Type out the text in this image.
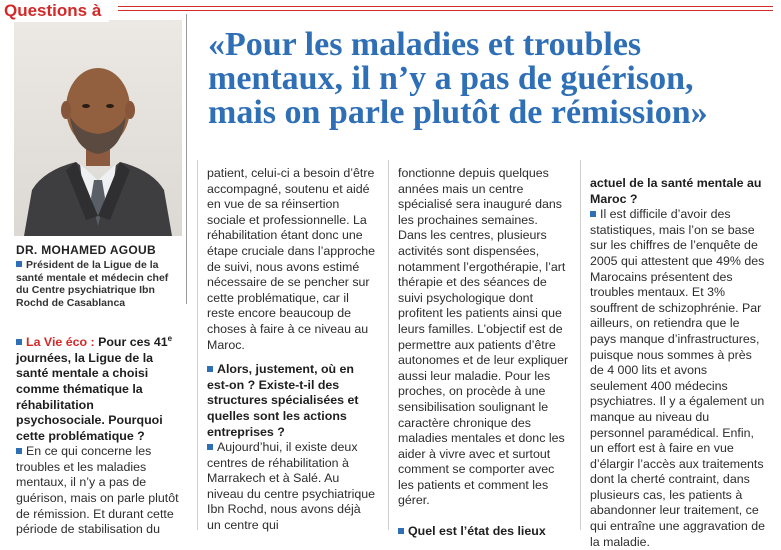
Questions à
«Pour les maladies et troubles mentaux, il n’y a pas de guérison, mais on parle plutôt de rémission»
DR. MOHAMED AGOUB
Président de la Ligue de la santé mentale et médecin chef du Centre psychiatrique Ibn Rochd de Casablanca

La Vie éco : Pour ces 41e journées, la Ligue de la santé mentale a choisi comme thématique la réhabilitation psychosociale. Pourquoi cette problématique ?

En ce qui concerne les troubles et les maladies mentaux, il n’y a pas de guérison, mais on parle plutôt de rémission. Et durant cette période de stabilisation du

patient, celui-ci a besoin d’être accompagné, soutenu et aidé en vue de sa réinsertion sociale et professionnelle. La réhabilitation étant donc une étape cruciale dans l’approche de suivi, nous avons estimé nécessaire de se pencher sur cette problématique, car il reste encore beaucoup de choses à faire à ce niveau au Maroc.

Alors, justement, où en est-on ? Existe-t-il des structures spécialisées et quelles sont les actions entreprises ?

Aujourd’hui, il existe deux centres de réhabilitation à Marrakech et à Salé. Au niveau du centre psychiatrique Ibn Rochd, nous avons déjà un centre qui

fonctionne depuis quelques années mais un centre spécialisé sera inauguré dans les prochaines semaines. Dans les centres, plusieurs activités sont dispensées, notamment l’ergothérapie, l’art thérapie et des séances de suivi psychologique dont profitent les patients ainsi que leurs familles. L’objectif est de permettre aux patients d’être autonomes et de leur expliquer aussi leur maladie. Pour les proches, on procède à une sensibilisation soulignant le caractère chronique des maladies mentales et donc les aider à vivre avec et surtout comment se comporter avec les patients et comment les gérer.

Quel est l’état des lieux

actuel de la santé mentale au Maroc ?

Il est difficile d’avoir des statistiques, mais l’on se base sur les chiffres de l’enquête de 2005 qui attestent que 49% des Marocains présentent des troubles mentaux. Et 3% souffrent de schizophrénie. Par ailleurs, on retiendra que le pays manque d’infrastructures, puisque nous sommes à près de 4 000 lits et avons seulement 400 médecins psychiatres. Il y a également un manque au niveau du personnel paramédical. Enfin, un effort est à faire en vue d’élargir l’accès aux traitements dont la cherté contraint, dans plusieurs cas, les patients à abandonner leur traitement, ce qui entraîne une aggravation de la maladie.
